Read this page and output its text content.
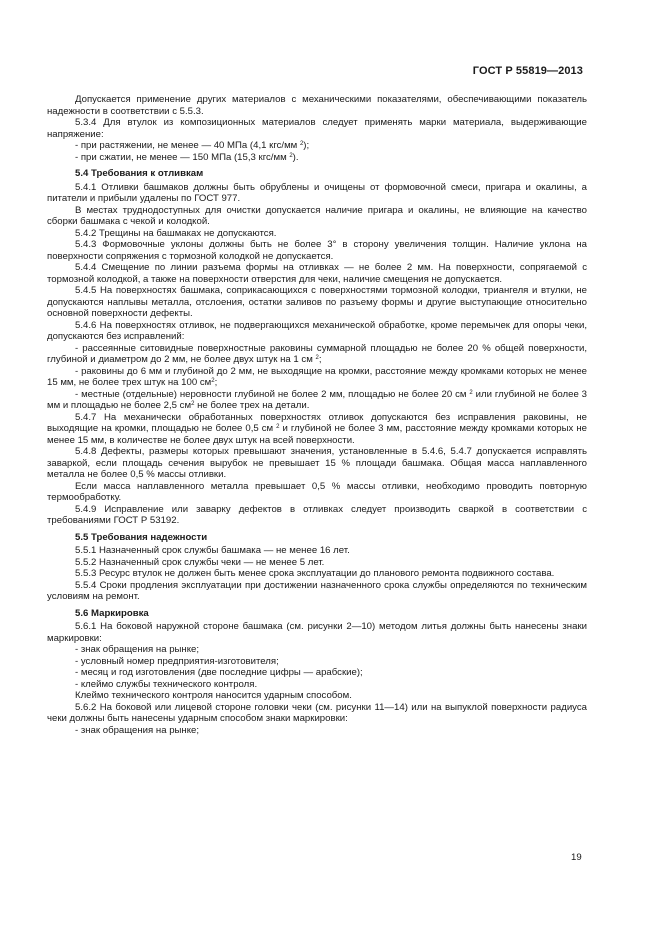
ГОСТ Р 55819—2013

Допускается применение других материалов с механическими показателями, обеспечивающими показатель надежности в соответствии с 5.5.3.

5.3.4 Для втулок из композиционных материалов следует применять марки материала, выдерживающие напряжение:

- при растяжении, не менее — 40 МПа (4,1 кгс/мм $^2$);

- при сжатии, не менее — 150 МПа (15,3 кгс/мм $^2$).

5.4 Требования к отливкам

5.4.1 Отливки башмаков должны быть обрублены и очищены от формовочной смеси, пригара и окалины, а питатели и прибыли удалены по ГОСТ 977.

В местах труднодоступных для очистки допускается наличие пригара и окалины, не влияющие на качество сборки башмака с чекой и колодкой.

5.4.2 Трещины на башмаках не допускаются.

5.4.3 Формовочные уклоны должны быть не более 3° в сторону увеличения толщин. Наличие уклона на поверхности сопряжения с тормозной колодкой не допускается.

5.4.4 Смещение по линии разъема формы на отливках — не более 2 мм. На поверхности, сопрягаемой с тормозной колодкой, а также на поверхности отверстия для чеки, наличие смещения не допускается.

5.4.5 На поверхностях башмака, соприкасающихся с поверхностями тормозной колодки, триангеля и втулки, не допускаются наплывы металла, отслоения, остатки заливов по разъему формы и другие выступающие относительно основной поверхности дефекты.

5.4.6 На поверхностях отливок, не подвергающихся механической обработке, кроме перемычек для опоры чеки, допускаются без исправлений:

- рассеянные ситовидные поверхностные раковины суммарной площадью не более 20 % общей поверхности, глубиной и диаметром до 2 мм, не более двух штук на 1 см $^2$;

- раковины до 6 мм и глубиной до 2 мм, не выходящие на кромки, расстояние между кромками которых не менее 15 мм, не более трех штук на 100 $см^2$;

- местные (отдельные) неровности глубиной не более 2 мм, площадью не более 20 см $^2$ или глубиной не более 3 мм и площадью не более 2,5 $см^2$ не более трех на детали.

5.4.7 На механически обработанных поверхностях отливок допускаются без исправления раковины, не выходящие на кромки, площадью не более 0,5 см $^2$ и глубиной не более 3 мм, расстояние между кромками которых не менее 15 мм, в количестве не более двух штук на всей поверхности.

5.4.8 Дефекты, размеры которых превышают значения, установленные в 5.4.6, 5.4.7 допускается исправлять заваркой, если площадь сечения вырубок не превышает 15 % площади башмака. Общая масса наплавленного металла не более 0,5 % массы отливки.

Если масса наплавленного металла превышает 0,5 % массы отливки, необходимо проводить повторную термообработку.

5.4.9 Исправление или заварку дефектов в отливках следует производить сваркой в соответствии с требованиями ГОСТ Р 53192.

5.5 Требования надежности

5.5.1 Назначенный срок службы башмака — не менее 16 лет.

5.5.2 Назначенный срок службы чеки — не менее 5 лет.

5.5.3 Ресурс втулок не должен быть менее срока эксплуатации до планового ремонта подвижного состава.

5.5.4 Сроки продления эксплуатации при достижении назначенного срока службы определяются по техническим условиям на ремонт.

5.6 Маркировка

5.6.1 На боковой наружной стороне башмака (см. рисунки 2—10) методом литья должны быть нанесены знаки маркировки:

- знак обращения на рынке;

- условный номер предприятия-изготовителя;

- месяц и год изготовления (две последние цифры — арабские);

- клеймо службы технического контроля.

Клеймо технического контроля наносится ударным способом.

5.6.2 На боковой или лицевой стороне головки чеки (см. рисунки 11—14) или на выпуклой поверхности радиуса чеки должны быть нанесены ударным способом знаки маркировки:

- знак обращения на рынке;

19
